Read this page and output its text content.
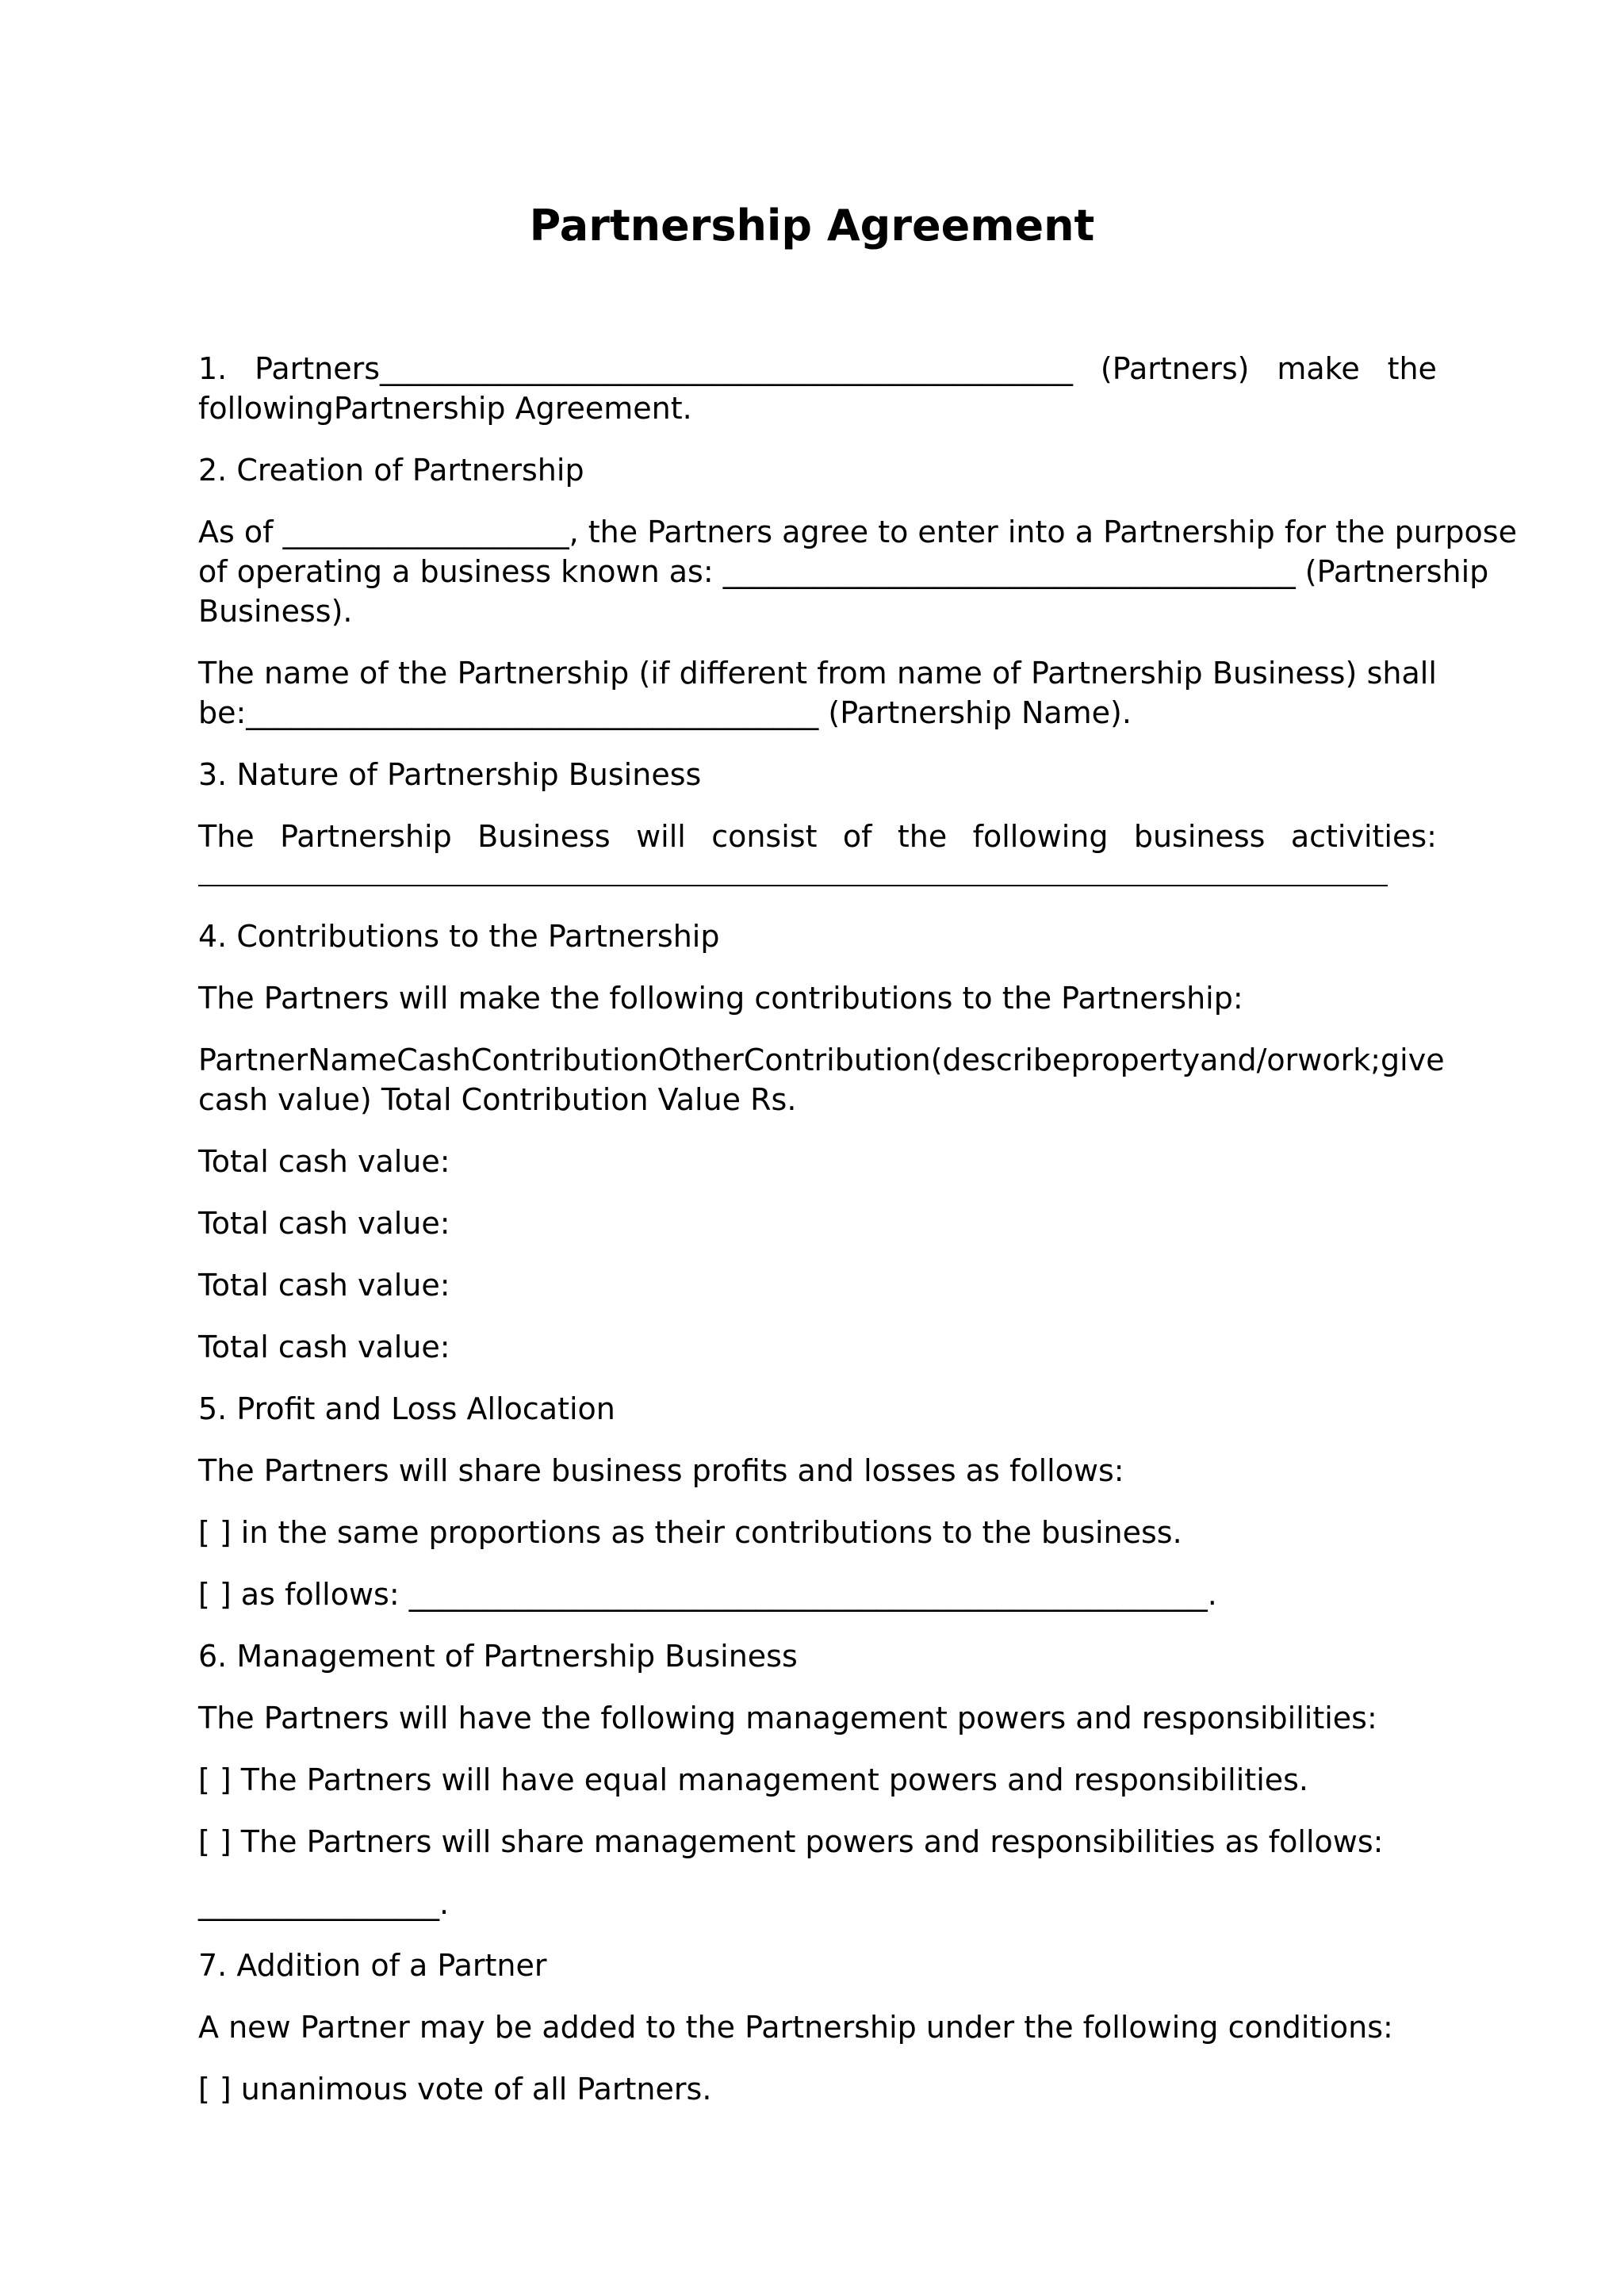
Partnership Agreement
1. Partners______________________________________________ (Partners) make the

followingPartnership Agreement.

2. Creation of Partnership

As of ___________________, the Partners agree to enter into a Partnership for the purpose

of operating a business known as: ______________________________________ (Partnership

Business).

The name of the Partnership (if different from name of Partnership Business) shall

be:______________________________________ (Partnership Name).

3. Nature of Partnership Business

The Partnership Business will consist of the following business activities:

4. Contributions to the Partnership

The Partners will make the following contributions to the Partnership:

Partner Name Cash Contribution Other Contribution (describe property and/or work; give

cash value) Total Contribution Value Rs.

Total cash value:

Total cash value:

Total cash value:

Total cash value:

5. Profit and Loss Allocation

The Partners will share business profits and losses as follows:

[ ] in the same proportions as their contributions to the business.

[ ] as follows: _____________________________________________________.

6. Management of Partnership Business

The Partners will have the following management powers and responsibilities:

[ ] The Partners will have equal management powers and responsibilities.

[ ] The Partners will share management powers and responsibilities as follows:

________________.

7. Addition of a Partner

A new Partner may be added to the Partnership under the following conditions:

[ ] unanimous vote of all Partners.
